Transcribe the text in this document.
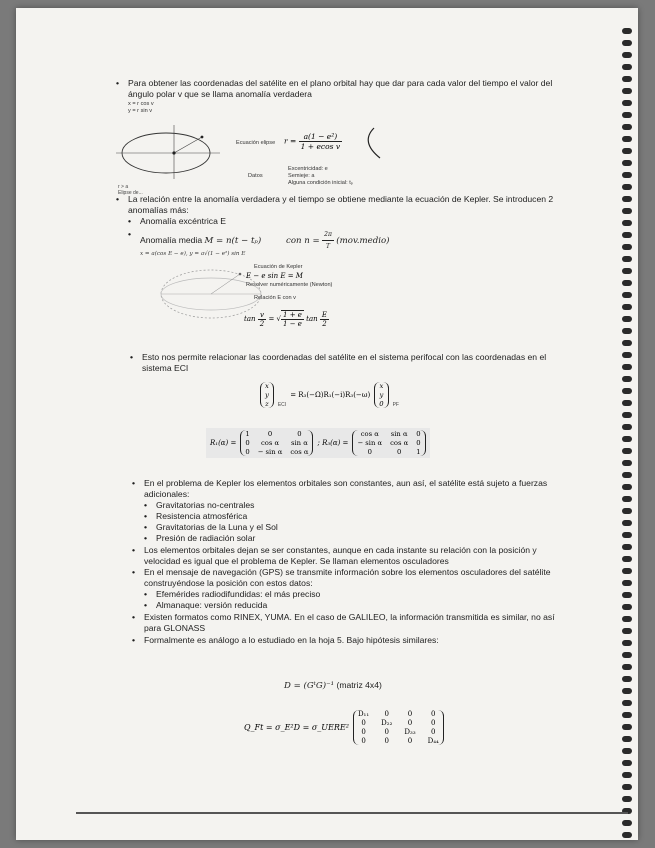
• Para obtener las coordenadas del satélite en el plano orbital hay que dar para cada valor del tiempo el valor del ángulo polar v que se llama anomalía verdadera
x = r cos v
y = r sin v
r > a
Elipse de...
Ecuación elipse $r = \frac{\text{a(1 − e²)}}{\text{1 + ecos v}}$
Datos
Excentricidad: e
Semieje: a
Alguna condición inicial: tₚ
• La relación entre la anomalía verdadera y el tiempo se obtiene mediante la ecuación de Kepler. Se introducen 2 anomalías más:
• Anomalía excéntrica E
• Anomalía media M = n(t − tₚ)	con $n = \frac{2\pi}{T}$ (mov.medio)
x = a(cos E − e), y = a√(1 − e²) sin E
Ecuación de Kepler
E − e sin E = M
Resolver numéricamente (Newton)
Relación E con v
$\tan \frac{v}{2}$ = √ $\frac{1 + e}{1 - e}$ $\tan \frac{E}{2}$
• Esto nos permite relacionar las coordenadas del satélite en el sistema perifocal con las coordenadas en el sistema ECI
x
y
z ECI
= R₃(−Ω)R₁(−i)R₃(−ω)
x
y
0 PF
R₁(α) =
1	0	0
0	cos α	sin α
0 − sin α cos α
; R₃(α) =
cos α	sin α 0
− sin α cos α 0
0	0	1
• En el problema de Kepler los elementos orbitales son constantes, aun así, el satélite está sujeto a fuerzas adicionales:
• Gravitatorias no-centrales
• Resistencia atmosférica
• Gravitatorias de la Luna y el Sol
• Presión de radiación solar
• Los elementos orbitales dejan se ser constantes, aunque en cada instante su relación con la posición y velocidad es igual que el problema de Kepler. Se llaman elementos osculadores
• En el mensaje de navegación (GPS) se transmite información sobre los elementos osculadores del satélite construyéndose la posición con estos datos:
• Efemérides radiodifundidas: el más preciso
• Almanaque: versión reducida
• Existen formatos como RINEX, YUMA. En el caso de GALILEO, la información transmitida es similar, no así para GLONASS
• Formalmente es análogo a lo estudiado en la hoja 5. Bajo hipótesis similares:
D = (GᵗG)⁻¹ (matriz 4x4)
Q_Ft = σ_E²D = σ_UERE²
D₁₁	0	0	0
0	D₂₂	0	0
0	0	D₃₃	0
0	0	0	D₄₄
